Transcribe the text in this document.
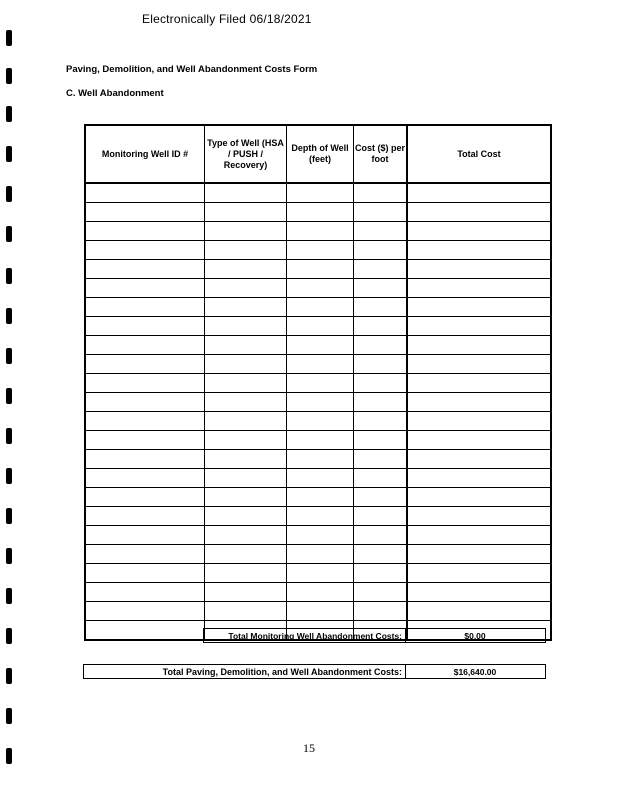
Electronically Filed 06/18/2021
Paving, Demolition, and Well Abandonment Costs Form
C. Well Abandonment
Monitoring Well ID #	Type of Well (HSA / PUSH / Recovery)	Depth of Well (feet)	Cost ($) per foot	Total Cost

Total Monitoring Well Abandonment Costs:	$0.00
Total Paving, Demolition, and Well Abandonment Costs:	$16,640.00
15
